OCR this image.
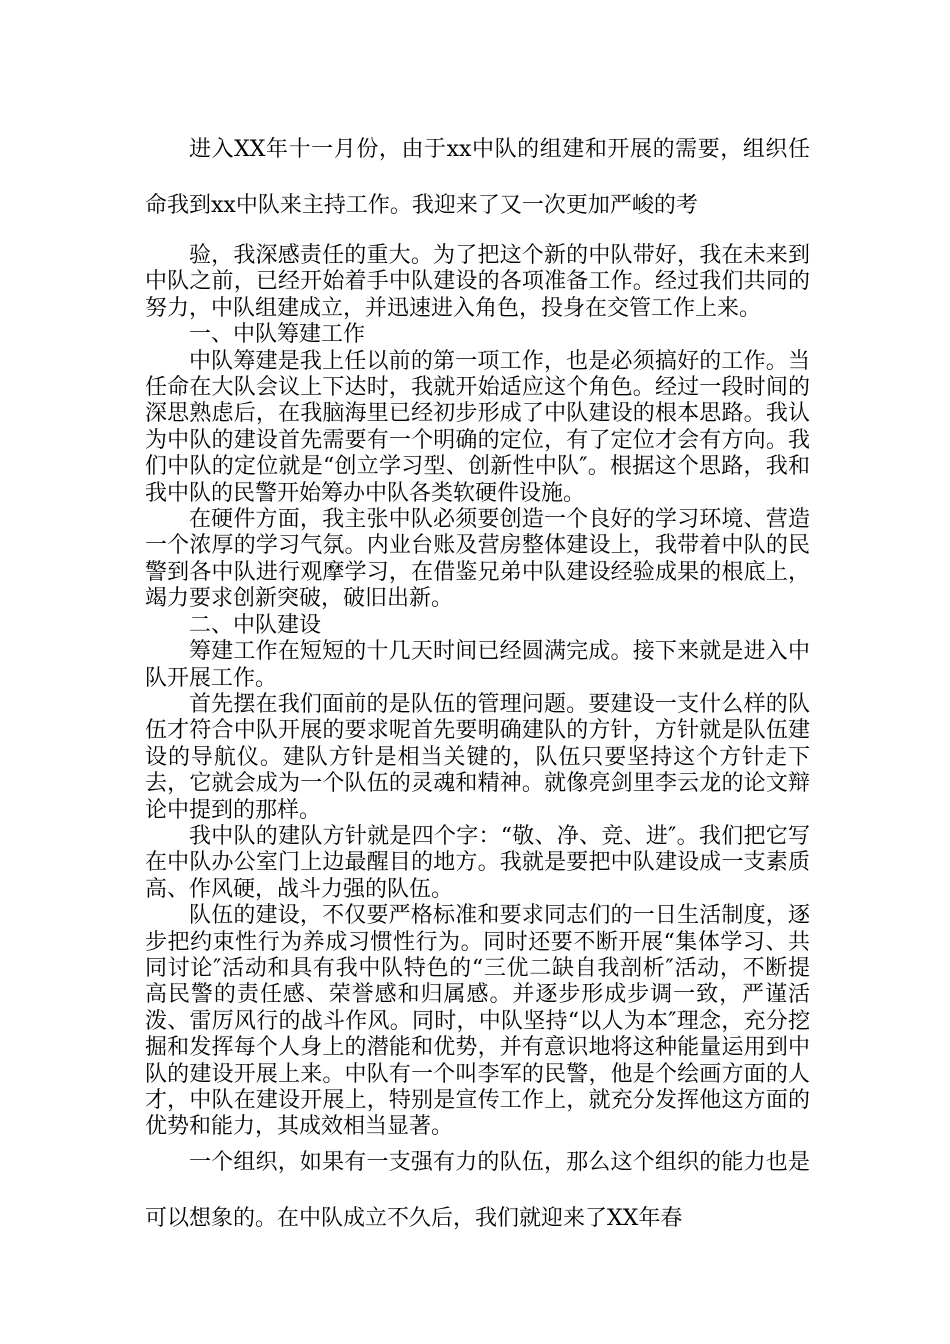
进入XX年十一月份，由于xx中队的组建和开展的需要，组织任命我到xx中队来主持工作。我迎来了又一次更加严峻的考

验，我深感责任的重大。为了把这个新的中队带好，我在未来到中队之前，已经开始着手中队建设的各项准备工作。经过我们共同的努力，中队组建成立，并迅速进入角色，投身在交管工作上来。

一、中队筹建工作

中队筹建是我上任以前的第一项工作，也是必须搞好的工作。当任命在大队会议上下达时，我就开始适应这个角色。经过一段时间的深思熟虑后，在我脑海里已经初步形成了中队建设的根本思路。我认为中队的建设首先需要有一个明确的定位，有了定位才会有方向。我们中队的定位就是“创立学习型、创新性中队″。根据这个思路，我和我中队的民警开始筹办中队各类软硬件设施。

在硬件方面，我主张中队必须要创造一个良好的学习环境、营造一个浓厚的学习气氛。内业台账及营房整体建设上，我带着中队的民警到各中队进行观摩学习，在借鉴兄弟中队建设经验成果的根底上，竭力要求创新突破，破旧出新。

二、中队建设

筹建工作在短短的十几天时间已经圆满完成。接下来就是进入中队开展工作。

首先摆在我们面前的是队伍的管理问题。要建设一支什么样的队伍才符合中队开展的要求呢首先要明确建队的方针，方针就是队伍建设的导航仪。建队方针是相当关键的，队伍只要坚持这个方针走下去，它就会成为一个队伍的灵魂和精神。就像亮剑里李云龙的论文辩论中提到的那样。

我中队的建队方针就是四个字：“敬、净、竞、进″。我们把它写在中队办公室门上边最醒目的地方。我就是要把中队建设成一支素质高、作风硬，战斗力强的队伍。

队伍的建设，不仅要严格标准和要求同志们的一日生活制度，逐步把约束性行为养成习惯性行为。同时还要不断开展“集体学习、共同讨论″活动和具有我中队特色的“三优二缺自我剖析″活动，不断提高民警的责任感、荣誉感和归属感。并逐步形成步调一致，严谨活泼、雷厉风行的战斗作风。同时，中队坚持“以人为本″理念，充分挖掘和发挥每个人身上的潜能和优势，并有意识地将这种能量运用到中队的建设开展上来。中队有一个叫李军的民警，他是个绘画方面的人才，中队在建设开展上，特别是宣传工作上，就充分发挥他这方面的优势和能力，其成效相当显著。

一个组织，如果有一支强有力的队伍，那么这个组织的能力也是可以想象的。在中队成立不久后，我们就迎来了XX年春
